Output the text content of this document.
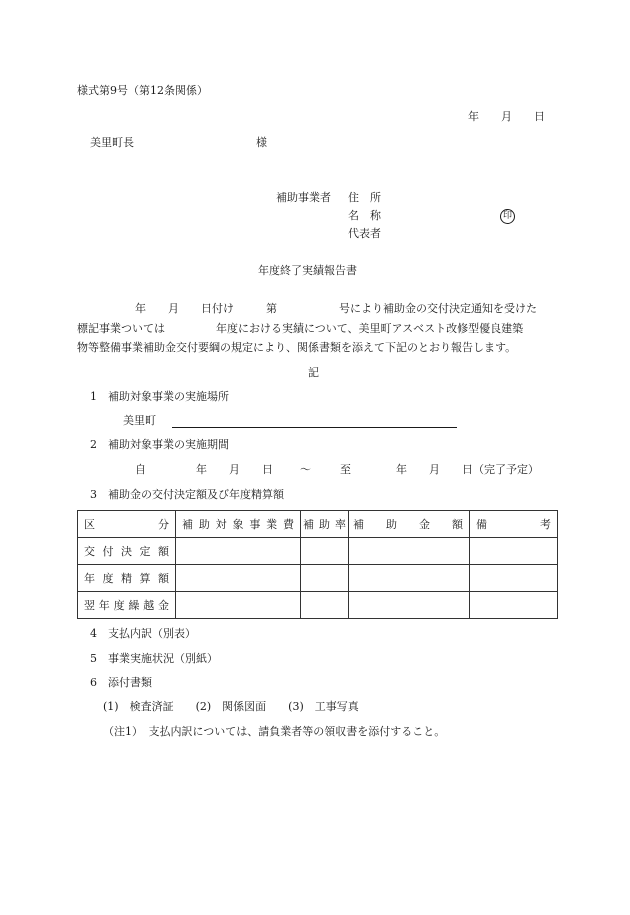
様式第9号（第12条関係）
年　　月　　日
美里町長	様
補助事業者 住　所
名　称	印
代表者
年度終了実績報告書
年　　月　　日付け	第	号により補助金の交付決定通知を受けた
標記事業ついては	年度における実績について、美里町アスベスト改修型優良建築
物等整備事業補助金交付要綱の規定により、関係書類を添えて下記のとおり報告します。
記
1　補助対象事業の実施場所
美里町
2　補助対象事業の実施期間
自	年　　月　　日 ～	至	年　　月　　日（完了予定）
3　補助金の交付決定額及び年度精算額
区　　　　分	補助対象事業費	補助率	補助金額	備考
交付決定額				
年度精算額				
翌年度繰越金				
4　支払内訳（別表）
5　事業実施状況（別紙）
6　添付書類
(1)　検査済証　　(2)　関係図面　　(3)　工事写真
（注1）　支払内訳については、請負業者等の領収書を添付すること。
